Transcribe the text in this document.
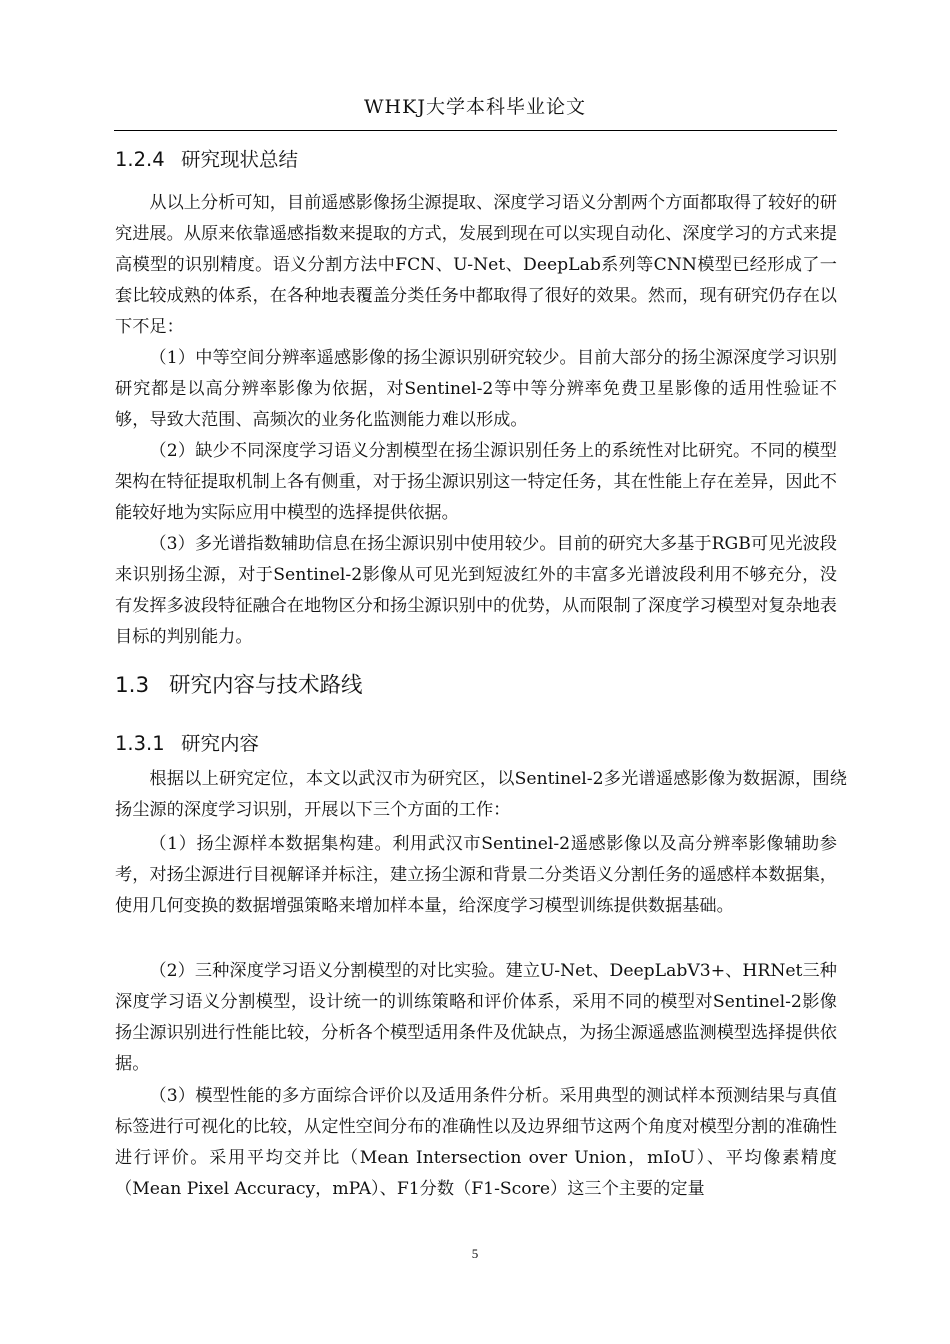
WHKJ大学本科毕业论文
1.2.4 研究现状总结

从以上分析可知，目前遥感影像扬尘源提取、深度学习语义分割两个方面都取得了较好的研究进展。从原来依靠遥感指数来提取的方式，发展到现在可以实现自动化、深度学习的方式来提高模型的识别精度。语义分割方法中FCN、U-Net、DeepLab系列等CNN模型已经形成了一套比较成熟的体系，在各种地表覆盖分类任务中都取得了很好的效果。然而，现有研究仍存在以下不足：

（1）中等空间分辨率遥感影像的扬尘源识别研究较少。目前大部分的扬尘源深度学习识别研究都是以高分辨率影像为依据，对Sentinel-2等中等分辨率免费卫星影像的适用性验证不够，导致大范围、高频次的业务化监测能力难以形成。

（2）缺少不同深度学习语义分割模型在扬尘源识别任务上的系统性对比研究。不同的模型架构在特征提取机制上各有侧重，对于扬尘源识别这一特定任务，其在性能上存在差异，因此不能较好地为实际应用中模型的选择提供依据。

（3）多光谱指数辅助信息在扬尘源识别中使用较少。目前的研究大多基于RGB可见光波段来识别扬尘源，对于Sentinel-2影像从可见光到短波红外的丰富多光谱波段利用不够充分，没有发挥多波段特征融合在地物区分和扬尘源识别中的优势，从而限制了深度学习模型对复杂地表目标的判别能力。

1.3 研究内容与技术路线
1.3.1 研究内容

根据以上研究定位，本文以武汉市为研究区，以Sentinel-2多光谱遥感影像为数据源，围绕扬尘源的深度学习识别，开展以下三个方面的工作：

（1）扬尘源样本数据集构建。利用武汉市Sentinel-2遥感影像以及高分辨率影像辅助参考，对扬尘源进行目视解译并标注，建立扬尘源和背景二分类语义分割任务的遥感样本数据集，使用几何变换的数据增强策略来增加样本量，给深度学习模型训练提供数据基础。

（2）三种深度学习语义分割模型的对比实验。建立U-Net、DeepLabV3+、HRNet三种深度学习语义分割模型，设计统一的训练策略和评价体系，采用不同的模型对Sentinel-2影像扬尘源识别进行性能比较，分析各个模型适用条件及优缺点，为扬尘源遥感监测模型选择提供依据。

（3）模型性能的多方面综合评价以及适用条件分析。采用典型的测试样本预测结果与真值标签进行可视化的比较，从定性空间分布的准确性以及边界细节这两个角度对模型分割的准确性进行评价。采用平均交并比（Mean Intersection over Union，mIoU）、平均像素精度（Mean Pixel Accuracy，mPA）、F1分数（F1-Score）这三个主要的定量

5
